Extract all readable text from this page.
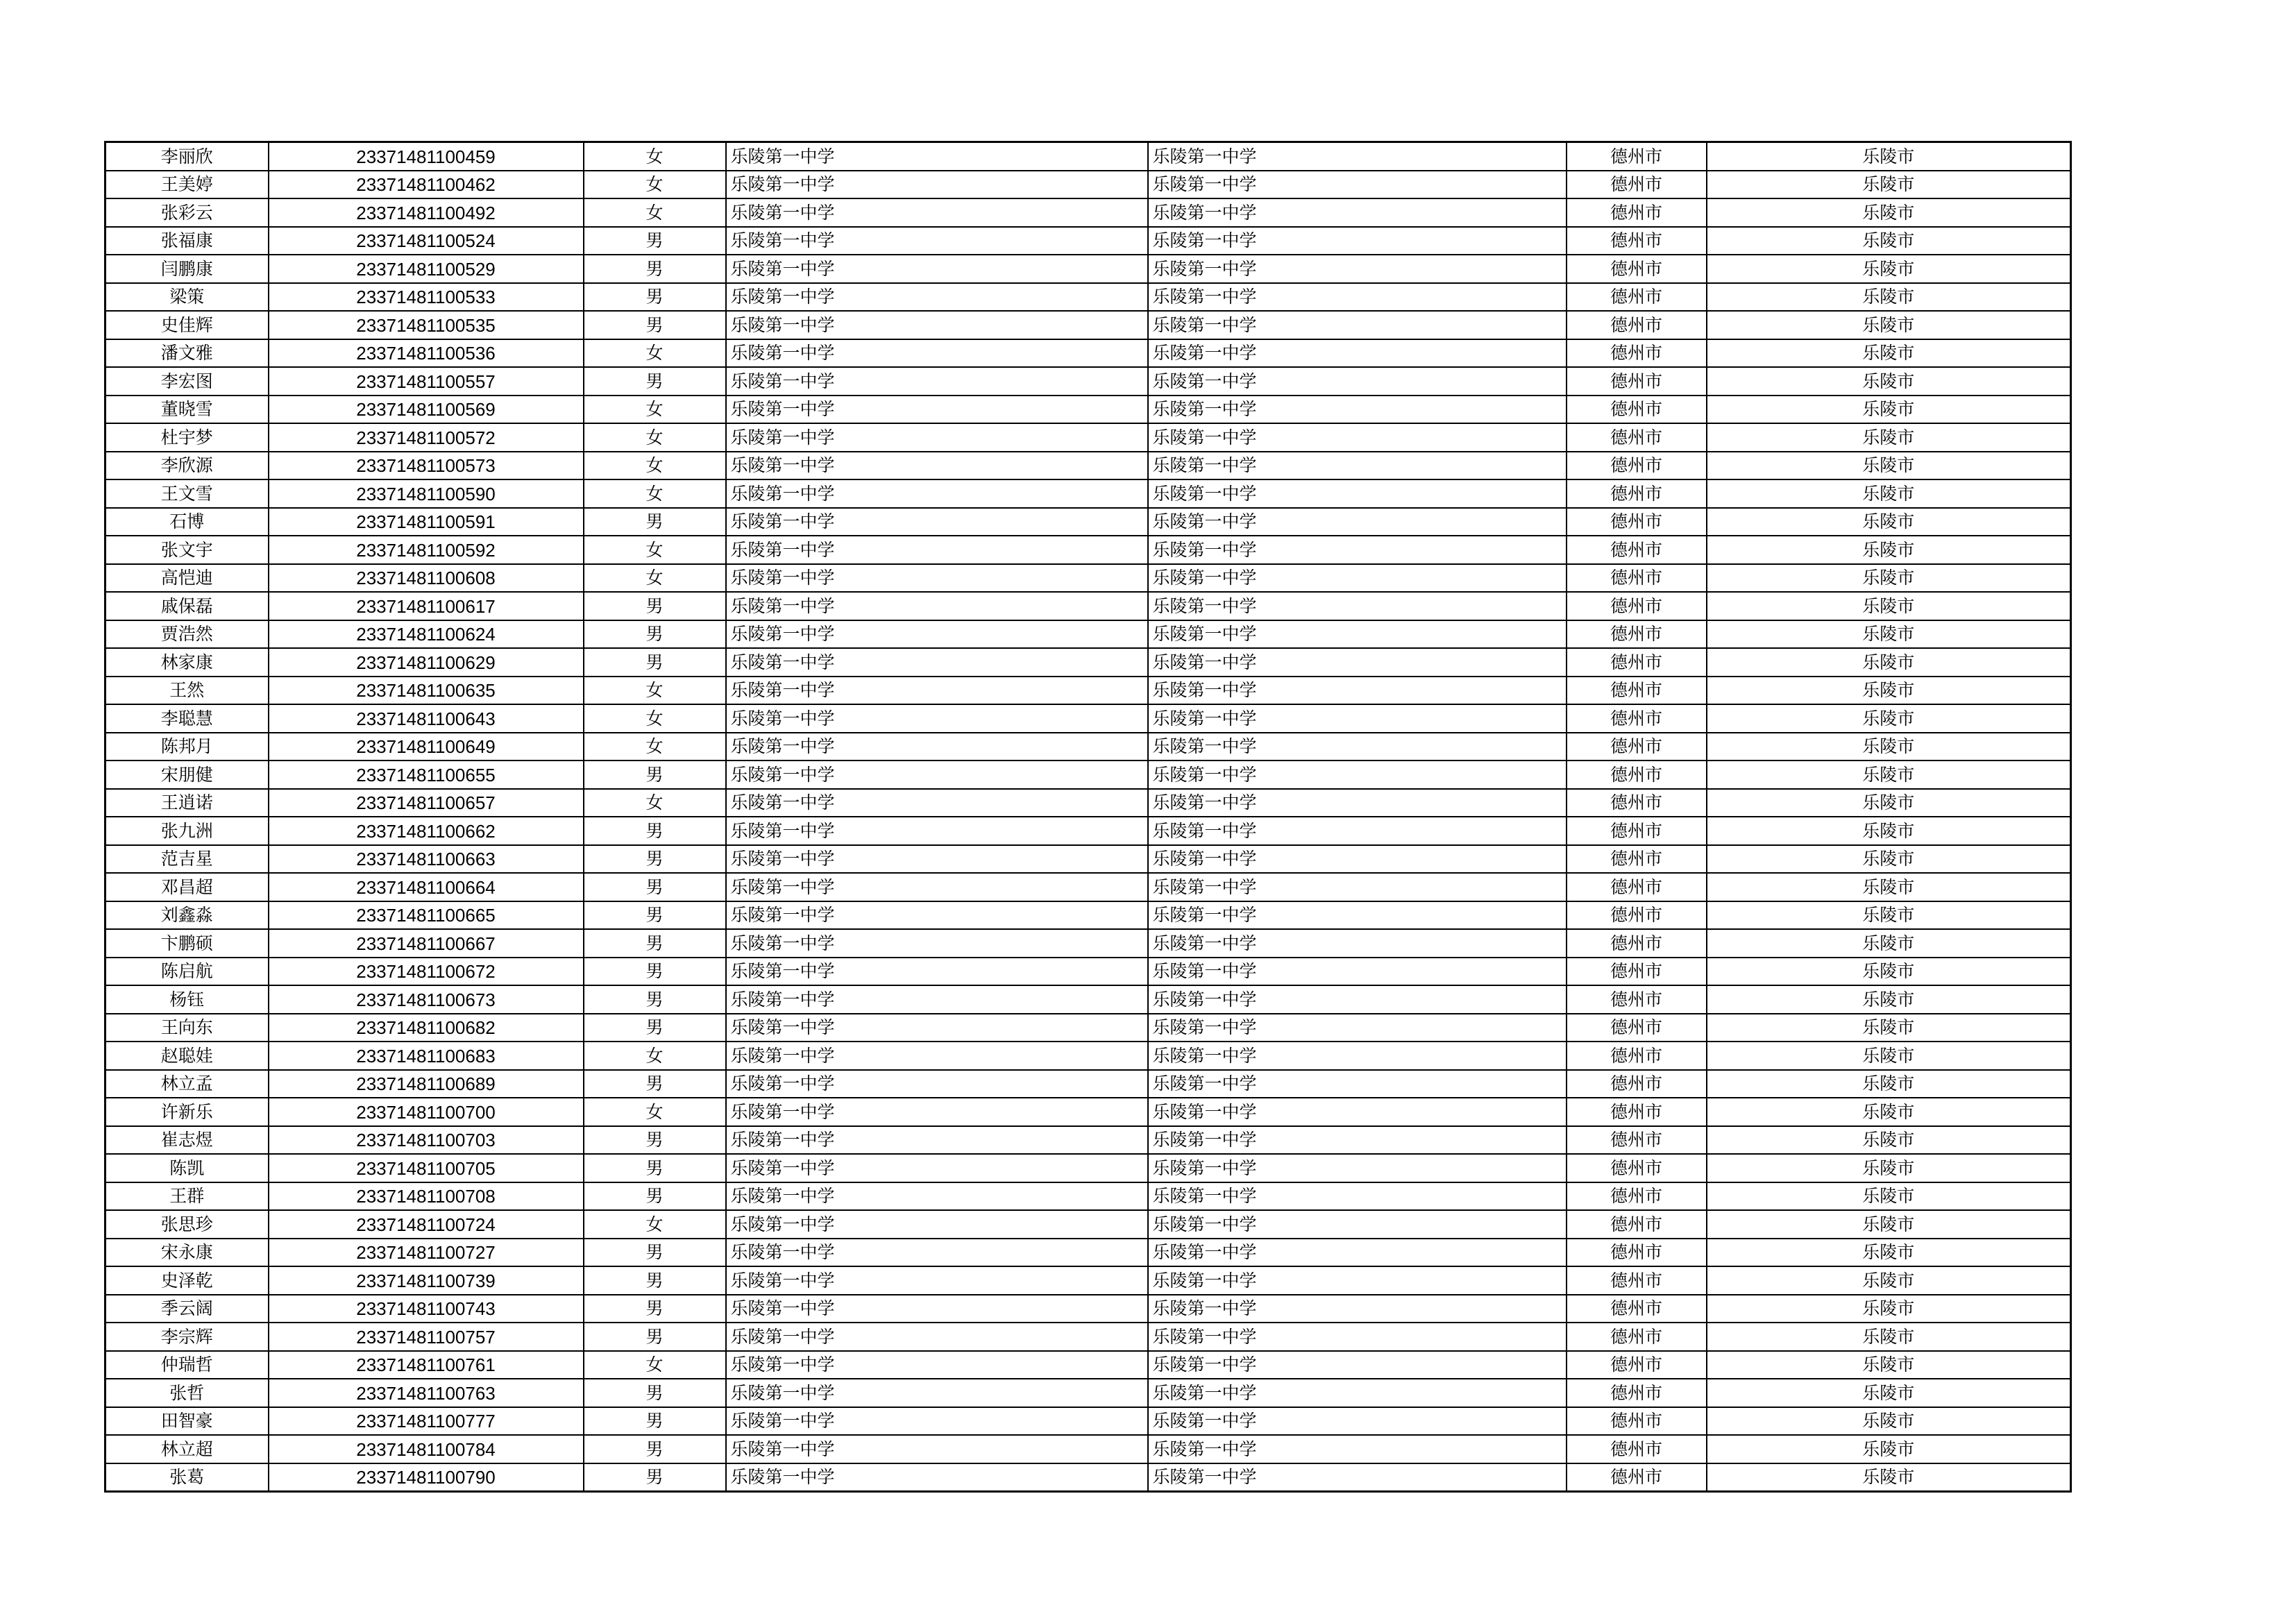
李丽欣	23371481100459	女	乐陵第一中学	乐陵第一中学	德州市	乐陵市
王美婷	23371481100462	女	乐陵第一中学	乐陵第一中学	德州市	乐陵市
张彩云	23371481100492	女	乐陵第一中学	乐陵第一中学	德州市	乐陵市
张福康	23371481100524	男	乐陵第一中学	乐陵第一中学	德州市	乐陵市
闫鹏康	23371481100529	男	乐陵第一中学	乐陵第一中学	德州市	乐陵市
梁策	23371481100533	男	乐陵第一中学	乐陵第一中学	德州市	乐陵市
史佳辉	23371481100535	男	乐陵第一中学	乐陵第一中学	德州市	乐陵市
潘文雅	23371481100536	女	乐陵第一中学	乐陵第一中学	德州市	乐陵市
李宏图	23371481100557	男	乐陵第一中学	乐陵第一中学	德州市	乐陵市
董晓雪	23371481100569	女	乐陵第一中学	乐陵第一中学	德州市	乐陵市
杜宇梦	23371481100572	女	乐陵第一中学	乐陵第一中学	德州市	乐陵市
李欣源	23371481100573	女	乐陵第一中学	乐陵第一中学	德州市	乐陵市
王文雪	23371481100590	女	乐陵第一中学	乐陵第一中学	德州市	乐陵市
石博	23371481100591	男	乐陵第一中学	乐陵第一中学	德州市	乐陵市
张文宇	23371481100592	女	乐陵第一中学	乐陵第一中学	德州市	乐陵市
高恺迪	23371481100608	女	乐陵第一中学	乐陵第一中学	德州市	乐陵市
戚保磊	23371481100617	男	乐陵第一中学	乐陵第一中学	德州市	乐陵市
贾浩然	23371481100624	男	乐陵第一中学	乐陵第一中学	德州市	乐陵市
林家康	23371481100629	男	乐陵第一中学	乐陵第一中学	德州市	乐陵市
王然	23371481100635	女	乐陵第一中学	乐陵第一中学	德州市	乐陵市
李聪慧	23371481100643	女	乐陵第一中学	乐陵第一中学	德州市	乐陵市
陈邦月	23371481100649	女	乐陵第一中学	乐陵第一中学	德州市	乐陵市
宋朋健	23371481100655	男	乐陵第一中学	乐陵第一中学	德州市	乐陵市
王逍诺	23371481100657	女	乐陵第一中学	乐陵第一中学	德州市	乐陵市
张九洲	23371481100662	男	乐陵第一中学	乐陵第一中学	德州市	乐陵市
范吉星	23371481100663	男	乐陵第一中学	乐陵第一中学	德州市	乐陵市
邓昌超	23371481100664	男	乐陵第一中学	乐陵第一中学	德州市	乐陵市
刘鑫淼	23371481100665	男	乐陵第一中学	乐陵第一中学	德州市	乐陵市
卞鹏硕	23371481100667	男	乐陵第一中学	乐陵第一中学	德州市	乐陵市
陈启航	23371481100672	男	乐陵第一中学	乐陵第一中学	德州市	乐陵市
杨钰	23371481100673	男	乐陵第一中学	乐陵第一中学	德州市	乐陵市
王向东	23371481100682	男	乐陵第一中学	乐陵第一中学	德州市	乐陵市
赵聪娃	23371481100683	女	乐陵第一中学	乐陵第一中学	德州市	乐陵市
林立孟	23371481100689	男	乐陵第一中学	乐陵第一中学	德州市	乐陵市
许新乐	23371481100700	女	乐陵第一中学	乐陵第一中学	德州市	乐陵市
崔志煜	23371481100703	男	乐陵第一中学	乐陵第一中学	德州市	乐陵市
陈凯	23371481100705	男	乐陵第一中学	乐陵第一中学	德州市	乐陵市
王群	23371481100708	男	乐陵第一中学	乐陵第一中学	德州市	乐陵市
张思珍	23371481100724	女	乐陵第一中学	乐陵第一中学	德州市	乐陵市
宋永康	23371481100727	男	乐陵第一中学	乐陵第一中学	德州市	乐陵市
史泽乾	23371481100739	男	乐陵第一中学	乐陵第一中学	德州市	乐陵市
季云阔	23371481100743	男	乐陵第一中学	乐陵第一中学	德州市	乐陵市
李宗辉	23371481100757	男	乐陵第一中学	乐陵第一中学	德州市	乐陵市
仲瑞哲	23371481100761	女	乐陵第一中学	乐陵第一中学	德州市	乐陵市
张哲	23371481100763	男	乐陵第一中学	乐陵第一中学	德州市	乐陵市
田智豪	23371481100777	男	乐陵第一中学	乐陵第一中学	德州市	乐陵市
林立超	23371481100784	男	乐陵第一中学	乐陵第一中学	德州市	乐陵市
张葛	23371481100790	男	乐陵第一中学	乐陵第一中学	德州市	乐陵市
